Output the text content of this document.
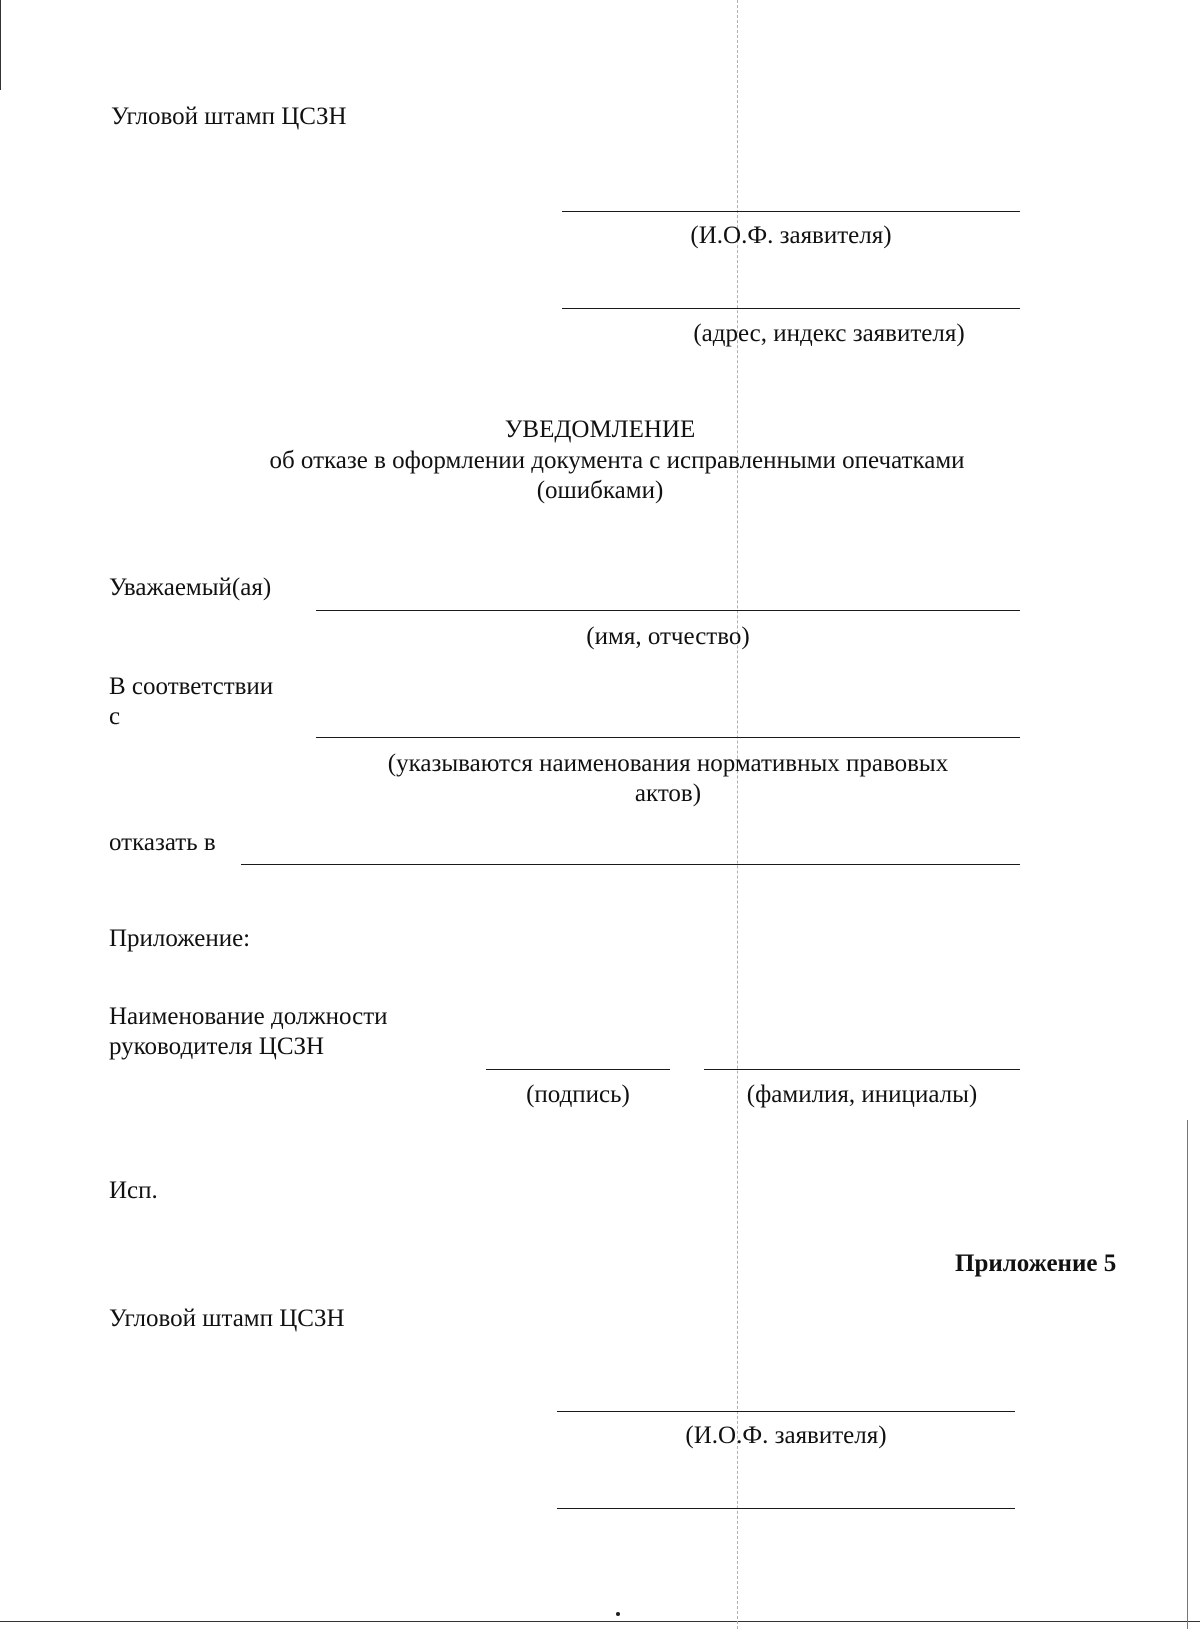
Угловой штамп ЦСЗН
(И.О.Ф. заявителя)
(адрес, индекс заявителя)
УВЕДОМЛЕНИЕ
об отказе в оформлении документа с исправленными опечатками
(ошибками)
Уважаемый(ая)
(имя, отчество)
В соответствии
с
(указываются наименования нормативных правовых
актов)
отказать в
Приложение:
Наименование должности
руководителя ЦСЗН
(подпись)	(фамилия, инициалы)
Исп.
Приложение 5
Угловой штамп ЦСЗН
(И.О.Ф. заявителя)
